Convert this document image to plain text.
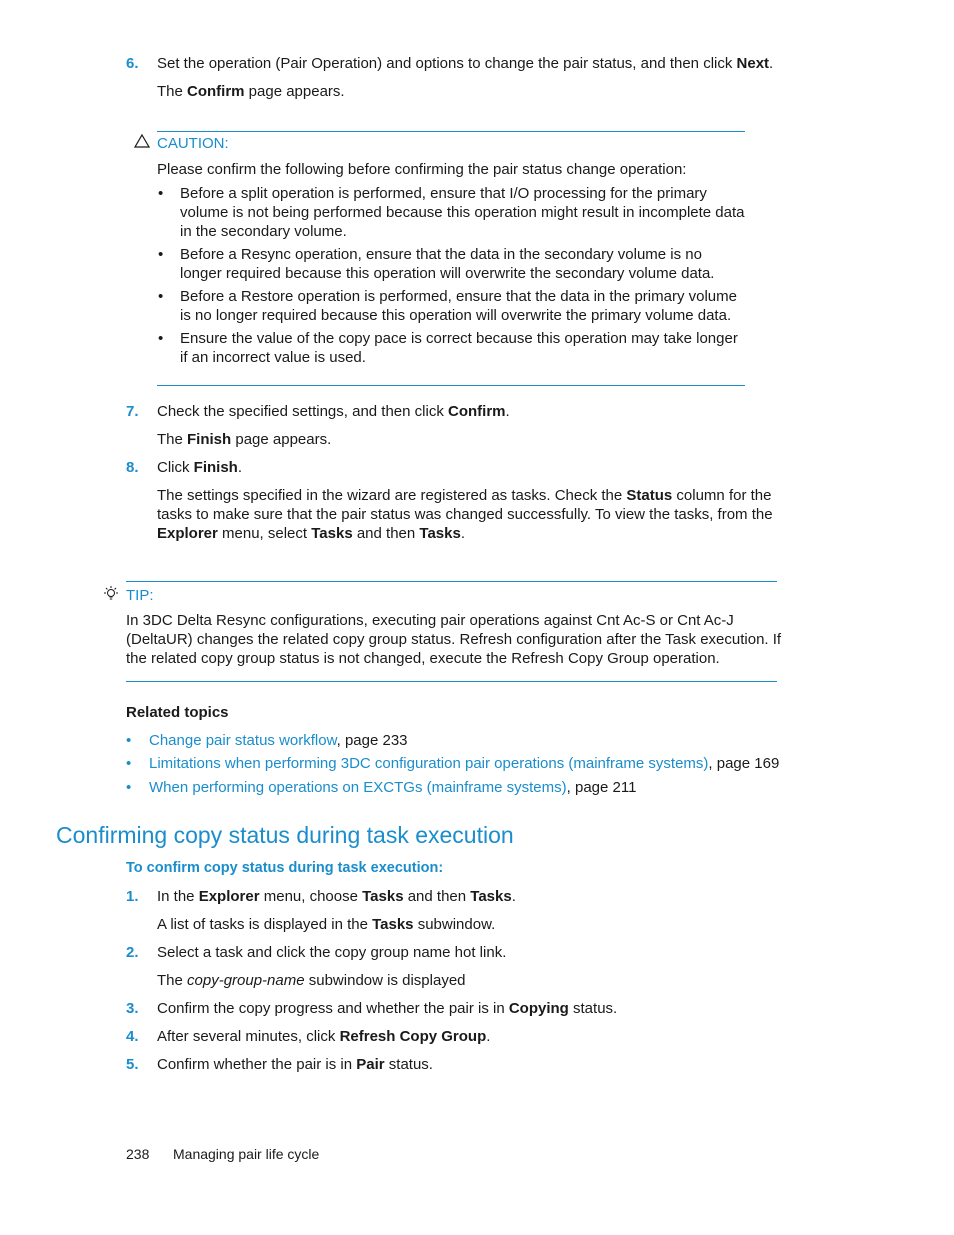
6.	Set the operation (Pair Operation) and options to change the pair status, and then click Next.
The Confirm page appears.
CAUTION:
Please confirm the following before confirming the pair status change operation:
•	Before a split operation is performed, ensure that I/O processing for the primary volume is not being performed because this operation might result in incomplete data in the secondary volume.
•	Before a Resync operation, ensure that the data in the secondary volume is no longer required because this operation will overwrite the secondary volume data.
•	Before a Restore operation is performed, ensure that the data in the primary volume is no longer required because this operation will overwrite the primary volume data.
•	Ensure the value of the copy pace is correct because this operation may take longer if an incorrect value is used.
7.	Check the specified settings, and then click Confirm.
The Finish page appears.
8.	Click Finish.
The settings specified in the wizard are registered as tasks. Check the Status column for the tasks to make sure that the pair status was changed successfully. To view the tasks, from the Explorer menu, select Tasks and then Tasks.
TIP:
In 3DC Delta Resync configurations, executing pair operations against Cnt Ac-S or Cnt Ac-J (DeltaUR) changes the related copy group status. Refresh configuration after the Task execution. If the related copy group status is not changed, execute the Refresh Copy Group operation.
Related topics
• Change pair status workflow, page 233
• Limitations when performing 3DC configuration pair operations (mainframe systems), page 169
• When performing operations on EXCTGs (mainframe systems), page 211
Confirming copy status during task execution
To confirm copy status during task execution:
1.	In the Explorer menu, choose Tasks and then Tasks.
A list of tasks is displayed in the Tasks subwindow.
2.	Select a task and click the copy group name hot link.
The copy-group-name subwindow is displayed
3.	Confirm the copy progress and whether the pair is in Copying status.
4.	After several minutes, click Refresh Copy Group.
5.	Confirm whether the pair is in Pair status.
238 Managing pair life cycle
